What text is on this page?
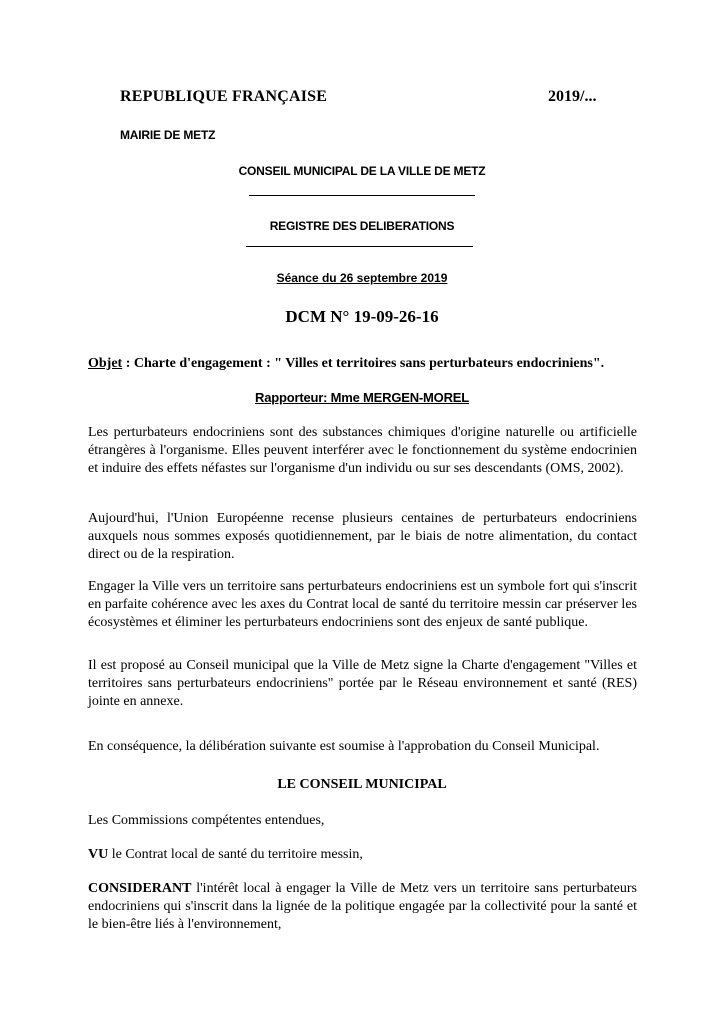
REPUBLIQUE FRANÇAISE	2019/...
MAIRIE DE METZ
CONSEIL MUNICIPAL DE LA VILLE DE METZ
REGISTRE DES DELIBERATIONS
Séance du 26 septembre 2019
DCM N° 19-09-26-16
Objet : Charte d'engagement : " Villes et territoires sans perturbateurs endocriniens".
Rapporteur: Mme MERGEN-MOREL
Les perturbateurs endocriniens sont des substances chimiques d'origine naturelle ou artificielle étrangères à l'organisme. Elles peuvent interférer avec le fonctionnement du système endocrinien et induire des effets néfastes sur l'organisme d'un individu ou sur ses descendants (OMS, 2002).
Aujourd'hui, l'Union Européenne recense plusieurs centaines de perturbateurs endocriniens auxquels nous sommes exposés quotidiennement, par le biais de notre alimentation, du contact direct ou de la respiration.
Engager la Ville vers un territoire sans perturbateurs endocriniens est un symbole fort qui s'inscrit en parfaite cohérence avec les axes du Contrat local de santé du territoire messin car préserver les écosystèmes et éliminer les perturbateurs endocriniens sont des enjeux de santé publique.
Il est proposé au Conseil municipal que la Ville de Metz signe la Charte d'engagement "Villes et territoires sans perturbateurs endocriniens" portée par le Réseau environnement et santé (RES) jointe en annexe.
En conséquence, la délibération suivante est soumise à l'approbation du Conseil Municipal.
LE CONSEIL MUNICIPAL
Les Commissions compétentes entendues,
VU le Contrat local de santé du territoire messin,
CONSIDERANT l'intérêt local à engager la Ville de Metz vers un territoire sans perturbateurs endocriniens qui s'inscrit dans la lignée de la politique engagée par la collectivité pour la santé et le bien-être liés à l'environnement,
